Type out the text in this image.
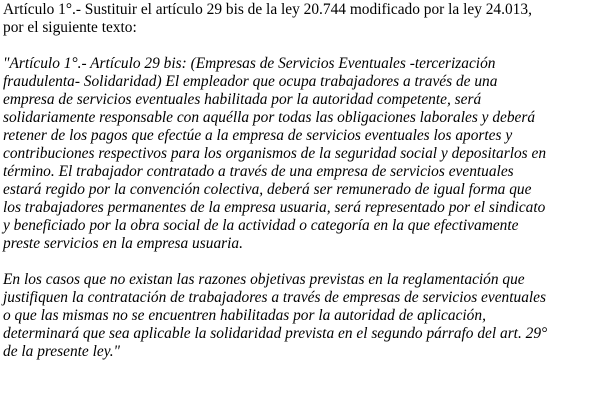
Artículo 1°.- Sustituir el artículo 29 bis de la ley 20.744 modificado por la ley 24.013,
por el siguiente texto:
"Artículo 1°.- Artículo 29 bis: (Empresas de Servicios Eventuales -tercerización
fraudulenta- Solidaridad) El empleador que ocupa trabajadores a través de una
empresa de servicios eventuales habilitada por la autoridad competente, será
solidariamente responsable con aquélla por todas las obligaciones laborales y deberá
retener de los pagos que efectúe a la empresa de servicios eventuales los aportes y
contribuciones respectivos para los organismos de la seguridad social y depositarlos en
término. El trabajador contratado a través de una empresa de servicios eventuales
estará regido por la convención colectiva, deberá ser remunerado de igual forma que
los trabajadores permanentes de la empresa usuaria, será representado por el sindicato
y beneficiado por la obra social de la actividad o categoría en la que efectivamente
preste servicios en la empresa usuaria.
En los casos que no existan las razones objetivas previstas en la reglamentación que
justifiquen la contratación de trabajadores a través de empresas de servicios eventuales
o que las mismas no se encuentren habilitadas por la autoridad de aplicación,
determinará que sea aplicable la solidaridad prevista en el segundo párrafo del art. 29°
de la presente ley."
